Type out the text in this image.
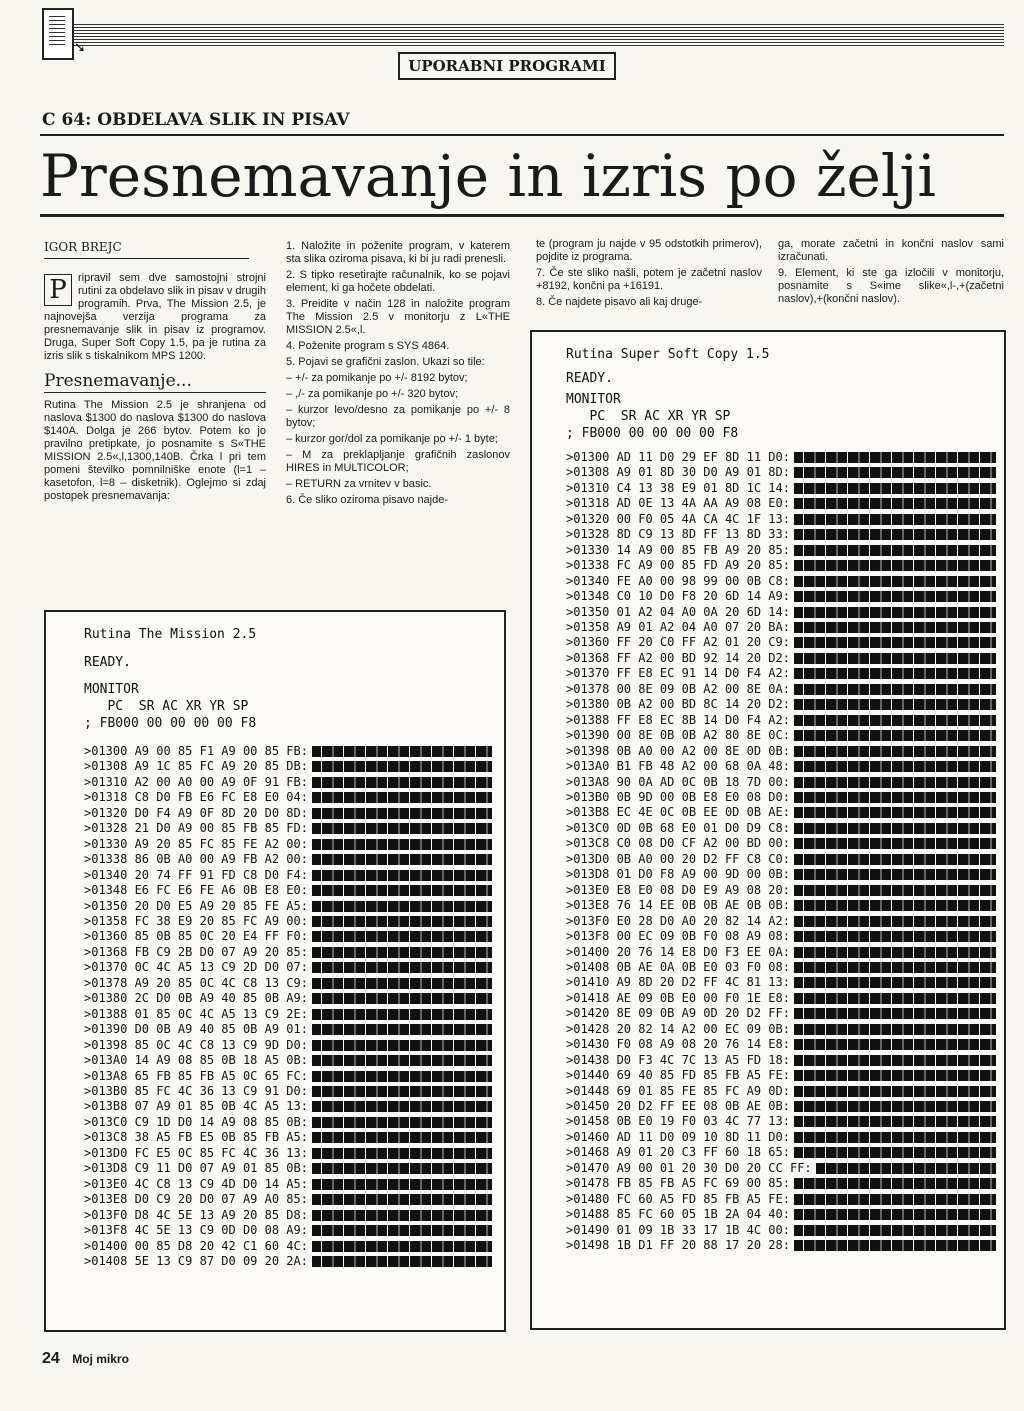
➘
UPORABNI PROGRAMI
C 64: OBDELAVA SLIK IN PISAV
Presnemavanje in izris po želji
IGOR BREJC

P	ripravil sem dve samostojni strojni rutini za obdelavo slik in pisav v drugih programih. Prva, The Mission 2.5, je najnovejša verzija programa za presnemavanje slik in pisav iz programov. Druga, Super Soft Copy 1.5, pa je rutina za izris slik s tiskalnikom MPS 1200.

Presnemavanje...

Rutina The Mission 2.5 je shranjena od naslova $1300 do naslova $1300 do naslova $140A. Dolga je 266 bytov. Potem ko jo pravilno pretipkate, jo posnamite s S«THE MISSION 2.5«,l,1300,140B. Črka l pri tem pomeni številko pomnilniške enote (l=1 – kasetofon, l=8 – disketnik). Oglejmo si zdaj postopek presnemavanja:

1. Naložite in poženite program, v katerem sta slika oziroma pisava, ki bi ju radi prenesli.

2. S tipko resetirajte računalnik, ko se pojavi element, ki ga hočete obdelati.

3. Preidite v način 128 in naložite program The Mission 2.5 v monitorju z L«THE MISSION 2.5«,l.

4. Poženite program s SYS 4864.

5. Pojavi se grafični zaslon. Ukazi so tile:

– +/- za pomikanje po +/- 8192 bytov;

– ,/- za pomikanje po +/- 320 bytov;

– kurzor levo/desno za pomikanje po +/- 8 bytov;

– kurzor gor/dol za pomikanje po +/- 1 byte;

– M za preklapljanje grafičnih zaslonov HIRES in MULTICOLOR;

– RETURN za vrnitev v basic.

6. Če sliko oziroma pisavo najde-

te (program ju najde v 95 odstotkih primerov), pojdite iz programa.

7. Če ste sliko našli, potem je začetni naslov +8192, končni pa +16191.

8. Če najdete pisavo ali kaj druge-

ga, morate začetni in končni naslov sami izračunati.

9. Element, ki ste ga izločili v monitorju, posnamite s S«ime slike«,l-,+(začetni naslov),+(končni naslov).

Rutina The Mission 2.5

READY.

MONITOR

PC  SR AC XR YR SP

; FB000 00 00 00 00 F8

>01300 A9 00 85 F1 A9 00 85 FB:
>01308 A9 1C 85 FC A9 20 85 DB:
>01310 A2 00 A0 00 A9 0F 91 FB:
>01318 C8 D0 FB E6 FC E8 E0 04:
>01320 D0 F4 A9 0F 8D 20 D0 8D:
>01328 21 D0 A9 00 85 FB 85 FD:
>01330 A9 20 85 FC 85 FE A2 00:
>01338 86 0B A0 00 A9 FB A2 00:
>01340 20 74 FF 91 FD C8 D0 F4:
>01348 E6 FC E6 FE A6 0B E8 E0:
>01350 20 D0 E5 A9 20 85 FE A5:
>01358 FC 38 E9 20 85 FC A9 00:
>01360 85 0B 85 0C 20 E4 FF F0:
>01368 FB C9 2B D0 07 A9 20 85:
>01370 0C 4C A5 13 C9 2D D0 07:
>01378 A9 20 85 0C 4C C8 13 C9:
>01380 2C D0 0B A9 40 85 0B A9:
>01388 01 85 0C 4C A5 13 C9 2E:
>01390 D0 0B A9 40 85 0B A9 01:
>01398 85 0C 4C C8 13 C9 9D D0:
>013A0 14 A9 08 85 0B 18 A5 0B:
>013A8 65 FB 85 FB A5 0C 65 FC:
>013B0 85 FC 4C 36 13 C9 91 D0:
>013B8 07 A9 01 85 0B 4C A5 13:
>013C0 C9 1D D0 14 A9 08 85 0B:
>013C8 38 A5 FB E5 0B 85 FB A5:
>013D0 FC E5 0C 85 FC 4C 36 13:
>013D8 C9 11 D0 07 A9 01 85 0B:
>013E0 4C C8 13 C9 4D D0 14 A5:
>013E8 D0 C9 20 D0 07 A9 A0 85:
>013F0 D8 4C 5E 13 A9 20 85 D8:
>013F8 4C 5E 13 C9 0D D0 08 A9:
>01400 00 85 D8 20 42 C1 60 4C:
>01408 5E 13 C9 87 D0 09 20 2A:

Rutina Super Soft Copy 1.5

READY.

MONITOR

PC  SR AC XR YR SP

; FB000 00 00 00 00 F8

>01300 AD 11 D0 29 EF 8D 11 D0:
>01308 A9 01 8D 30 D0 A9 01 8D:
>01310 C4 13 38 E9 01 8D 1C 14:
>01318 AD 0E 13 4A AA A9 08 E0:
>01320 00 F0 05 4A CA 4C 1F 13:
>01328 8D C9 13 8D FF 13 8D 33:
>01330 14 A9 00 85 FB A9 20 85:
>01338 FC A9 00 85 FD A9 20 85:
>01340 FE A0 00 98 99 00 0B C8:
>01348 C0 10 D0 F8 20 6D 14 A9:
>01350 01 A2 04 A0 0A 20 6D 14:
>01358 A9 01 A2 04 A0 07 20 BA:
>01360 FF 20 C0 FF A2 01 20 C9:
>01368 FF A2 00 BD 92 14 20 D2:
>01370 FF E8 EC 91 14 D0 F4 A2:
>01378 00 8E 09 0B A2 00 8E 0A:
>01380 0B A2 00 BD 8C 14 20 D2:
>01388 FF E8 EC 8B 14 D0 F4 A2:
>01390 00 8E 0B 0B A2 80 8E 0C:
>01398 0B A0 00 A2 00 8E 0D 0B:
>013A0 B1 FB 48 A2 00 68 0A 48:
>013A8 90 0A AD 0C 0B 18 7D 00:
>013B0 0B 9D 00 0B E8 E0 08 D0:
>013B8 EC 4E 0C 0B EE 0D 0B AE:
>013C0 0D 0B 68 E0 01 D0 D9 C8:
>013C8 C0 08 D0 CF A2 00 BD 00:
>013D0 0B A0 00 20 D2 FF C8 C0:
>013D8 01 D0 F8 A9 00 9D 00 0B:
>013E0 E8 E0 08 D0 E9 A9 08 20:
>013E8 76 14 EE 0B 0B AE 0B 0B:
>013F0 E0 28 D0 A0 20 82 14 A2:
>013F8 00 EC 09 0B F0 08 A9 08:
>01400 20 76 14 E8 D0 F3 EE 0A:
>01408 0B AE 0A 0B E0 03 F0 08:
>01410 A9 8D 20 D2 FF 4C 81 13:
>01418 AE 09 0B E0 00 F0 1E E8:
>01420 8E 09 0B A9 0D 20 D2 FF:
>01428 20 82 14 A2 00 EC 09 0B:
>01430 F0 08 A9 08 20 76 14 E8:
>01438 D0 F3 4C 7C 13 A5 FD 18:
>01440 69 40 85 FD 85 FB A5 FE:
>01448 69 01 85 FE 85 FC A9 0D:
>01450 20 D2 FF EE 08 0B AE 0B:
>01458 0B E0 19 F0 03 4C 77 13:
>01460 AD 11 D0 09 10 8D 11 D0:
>01468 A9 01 20 C3 FF 60 18 65:
>01470 A9 00 01 20 30 D0 20 CC FF:
>01478 FB 85 FB A5 FC 69 00 85:
>01480 FC 60 A5 FD 85 FB A5 FE:
>01488 85 FC 60 05 1B 2A 04 40:
>01490 01 09 1B 33 17 1B 4C 00:
>01498 1B D1 FF 20 88 17 20 28:
24 Moj mikro
